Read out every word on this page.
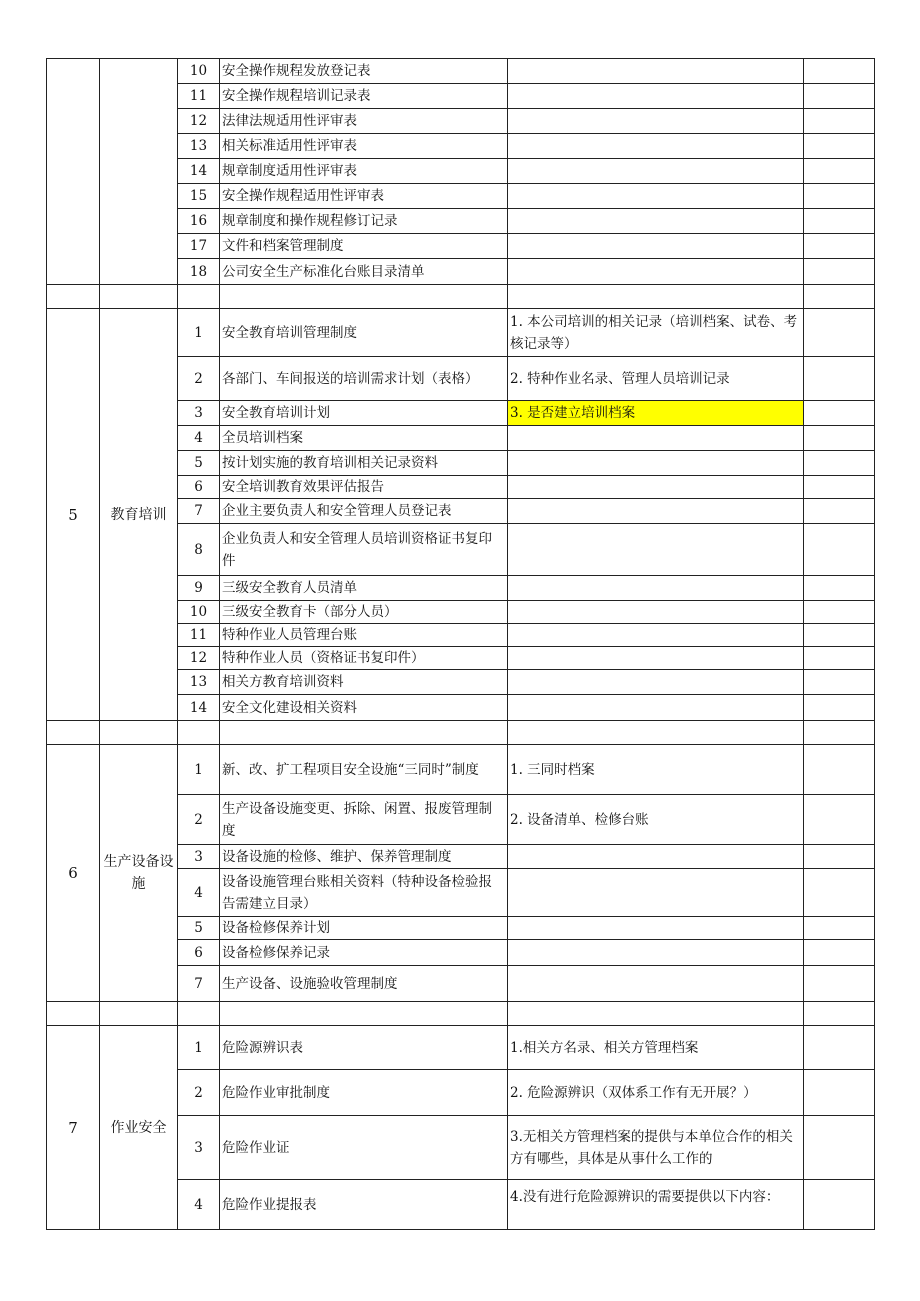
		10	安全操作规程发放登记表		
		11	安全操作规程培训记录表		
		12	法律法规适用性评审表		
		13	相关标准适用性评审表		
		14	规章制度适用性评审表		
		15	安全操作规程适用性评审表		
		16	规章制度和操作规程修订记录		
		17	文件和档案管理制度		
		18	公司安全生产标准化台账目录清单		

5	教育培训	1	安全教育培训管理制度	1. 本公司培训的相关记录（培训档案、试卷、考核记录等）	
		2	各部门、车间报送的培训需求计划（表格）	2. 特种作业名录、管理人员培训记录	
		3	安全教育培训计划	3. 是否建立培训档案	
		4	全员培训档案		
		5	按计划实施的教育培训相关记录资料		
		6	安全培训教育效果评估报告		
		7	企业主要负责人和安全管理人员登记表		
		8	企业负责人和安全管理人员培训资格证书复印件		
		9	三级安全教育人员清单		
		10	三级安全教育卡（部分人员）		
		11	特种作业人员管理台账		
		12	特种作业人员（资格证书复印件）		
		13	相关方教育培训资料		
		14	安全文化建设相关资料		

6	生产设备设施	1	新、改、扩工程项目安全设施“三同时”制度	1. 三同时档案	
		2	生产设备设施变更、拆除、闲置、报废管理制度	2. 设备清单、检修台账	
		3	设备设施的检修、维护、保养管理制度		
		4	设备设施管理台账相关资料（特种设备检验报告需建立目录）		
		5	设备检修保养计划		
		6	设备检修保养记录		
		7	生产设备、设施验收管理制度		

7	作业安全	1	危险源辨识表	1.相关方名录、相关方管理档案	
		2	危险作业审批制度	2. 危险源辨识（双体系工作有无开展？）	
		3	危险作业证	3.无相关方管理档案的提供与本单位合作的相关方有哪些，具体是从事什么工作的	
		4	危险作业提报表	4.没有进行危险源辨识的需要提供以下内容：	
